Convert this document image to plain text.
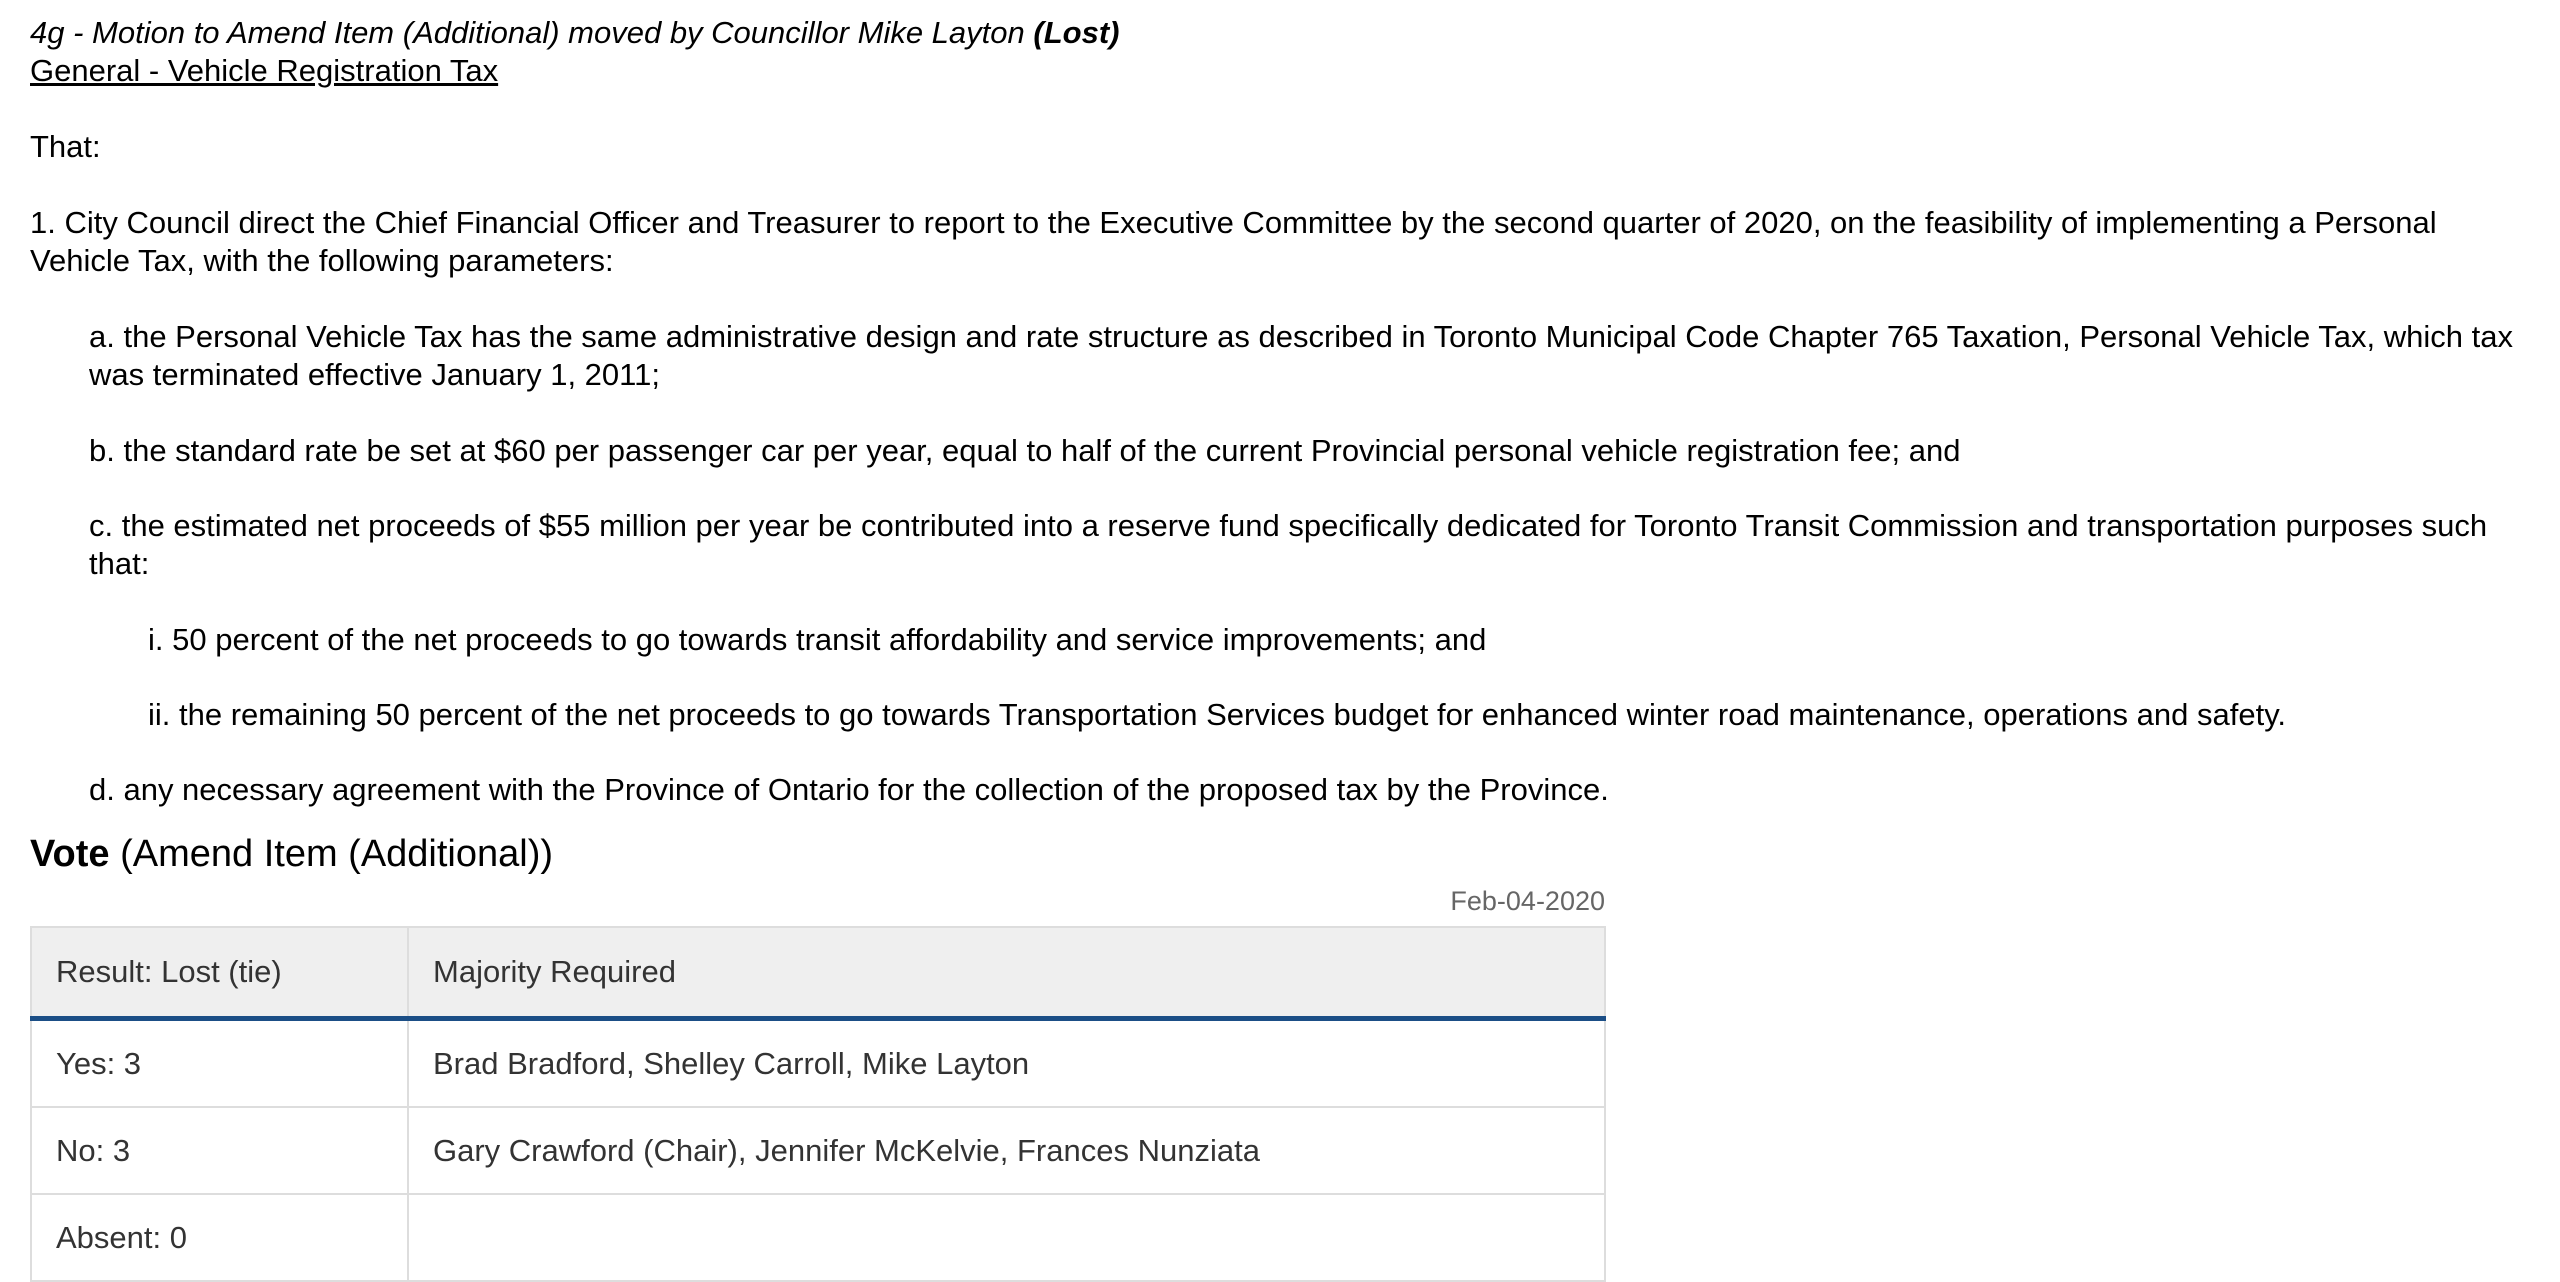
4g - Motion to Amend Item (Additional) moved by Councillor Mike Layton (Lost)
General - Vehicle Registration Tax
That:
1. City Council direct the Chief Financial Officer and Treasurer to report to the Executive Committee by the second quarter of 2020, on the feasibility of implementing a Personal Vehicle Tax, with the following parameters:
a. the Personal Vehicle Tax has the same administrative design and rate structure as described in Toronto Municipal Code Chapter 765 Taxation, Personal Vehicle Tax, which tax was terminated effective January 1, 2011;
b. the standard rate be set at $60 per passenger car per year, equal to half of the current Provincial personal vehicle registration fee; and
c. the estimated net proceeds of $55 million per year be contributed into a reserve fund specifically dedicated for Toronto Transit Commission and transportation purposes such that:
i. 50 percent of the net proceeds to go towards transit affordability and service improvements; and
ii. the remaining 50 percent of the net proceeds to go towards Transportation Services budget for enhanced winter road maintenance, operations and safety.
d. any necessary agreement with the Province of Ontario for the collection of the proposed tax by the Province.
Vote (Amend Item (Additional))
Feb-04-2020
Result: Lost (tie)	Majority Required
Yes: 3	Brad Bradford, Shelley Carroll, Mike Layton
No: 3	Gary Crawford (Chair), Jennifer McKelvie, Frances Nunziata
Absent: 0	
